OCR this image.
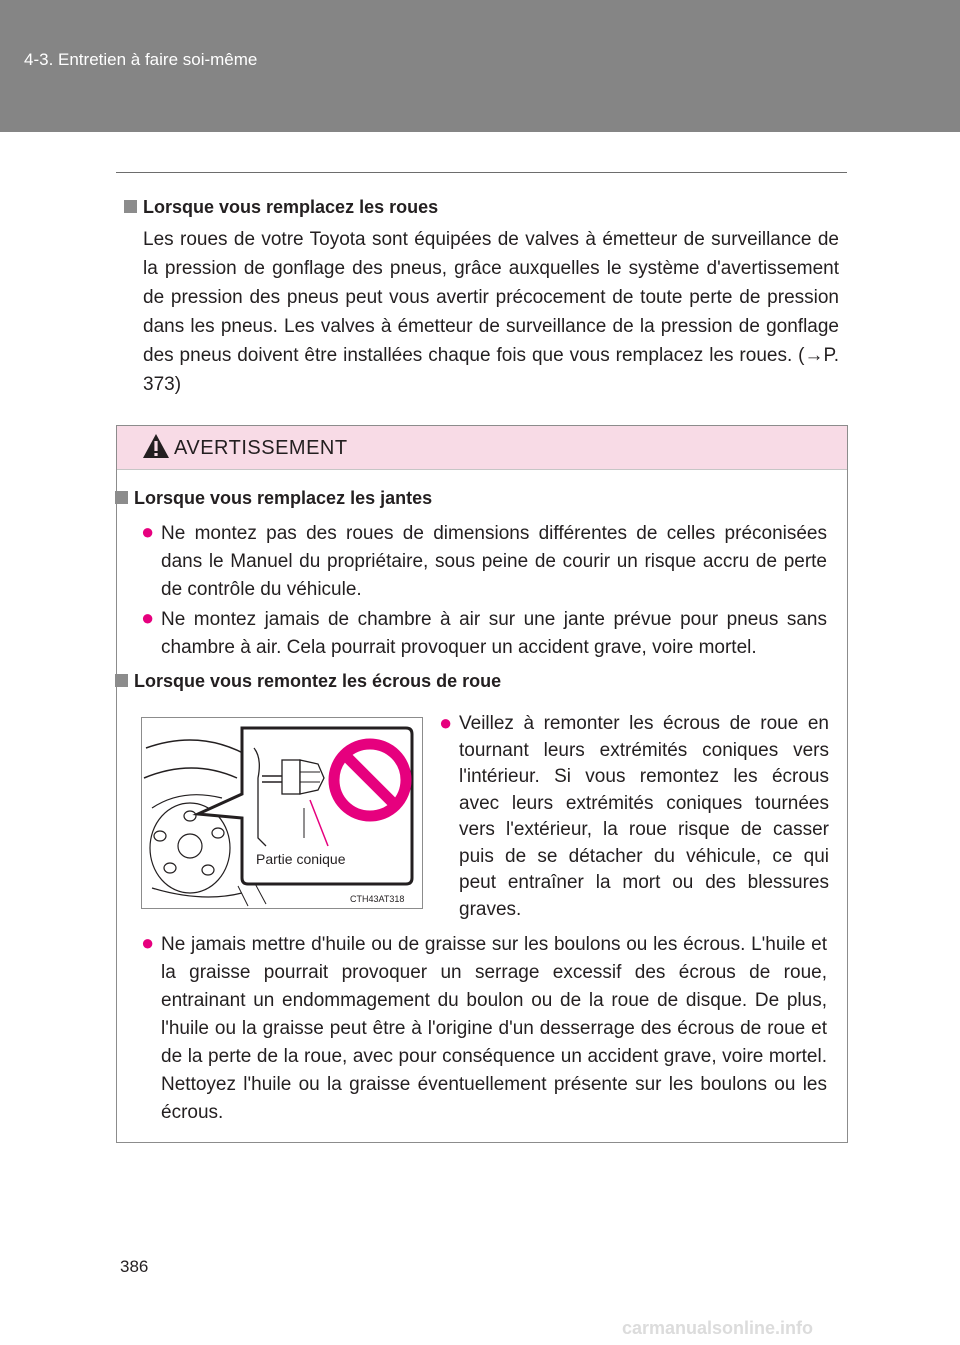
4-3. Entretien à faire soi-même
Lorsque vous remplacez les roues
Les roues de votre Toyota sont équipées de valves à émetteur de surveillance de la pression de gonflage des pneus, grâce auxquelles le système d'avertissement de pression des pneus peut vous avertir précocement de toute perte de pression dans les pneus. Les valves à émetteur de surveillance de la pression de gonflage des pneus doivent être installées chaque fois que vous remplacez les roues. (→P. 373)
AVERTISSEMENT
Lorsque vous remplacez les jantes
● Ne montez pas des roues de dimensions différentes de celles préconisées dans le Manuel du propriétaire, sous peine de courir un risque accru de perte de contrôle du véhicule.
● Ne montez jamais de chambre à air sur une jante prévue pour pneus sans chambre à air. Cela pourrait provoquer un accident grave, voire mortel.
Lorsque vous remontez les écrous de roue
Partie conique
CTH43AT318
● Veillez à remonter les écrous de roue en tournant leurs extrémités coniques vers l'intérieur. Si vous remontez les écrous avec leurs extrémités coniques tournées vers l'extérieur, la roue risque de casser puis de se détacher du véhicule, ce qui peut entraîner la mort ou des blessures graves.
● Ne jamais mettre d'huile ou de graisse sur les boulons ou les écrous. L'huile et la graisse pourrait provoquer un serrage excessif des écrous de roue, entrainant un endommagement du boulon ou de la roue de disque. De plus, l'huile ou la graisse peut être à l'origine d'un desserrage des écrous de roue et de la perte de la roue, avec pour conséquence un accident grave, voire mortel. Nettoyez l'huile ou la graisse éventuellement présente sur les boulons ou les écrous.
386
carmanualsonline.info
